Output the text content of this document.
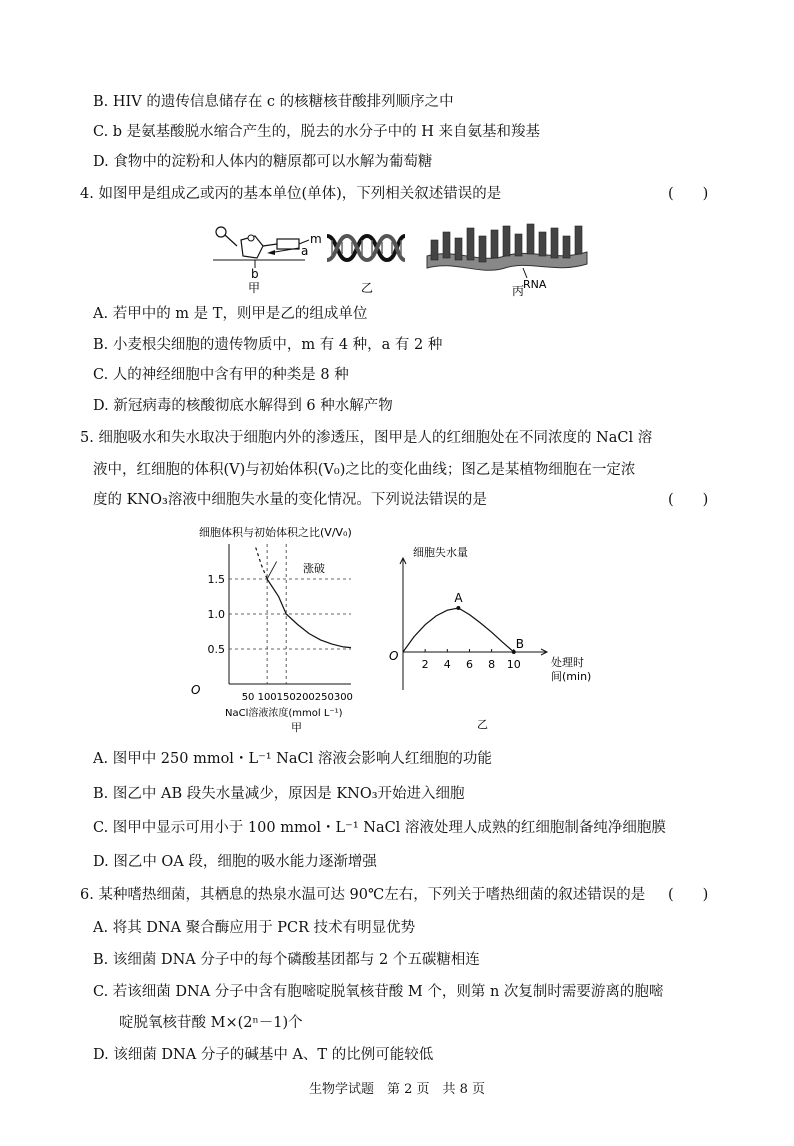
B. HIV 的遗传信息储存在 c 的核糖核苷酸排列顺序之中
C. b 是氨基酸脱水缩合产生的，脱去的水分子中的 H 来自氨基和羧基
D. 食物中的淀粉和人体内的糖原都可以水解为葡萄糖
4. 如图甲是组成乙或丙的基本单位(单体)，下列相关叙述错误的是	(　　)
m
a
b
甲	乙	RNA
丙
A. 若甲中的 m 是 T，则甲是乙的组成单位
B. 小麦根尖细胞的遗传物质中，m 有 4 种，a 有 2 种
C. 人的神经细胞中含有甲的种类是 8 种
D. 新冠病毒的核酸彻底水解得到 6 种水解产物
5. 细胞吸水和失水取决于细胞内外的渗透压，图甲是人的红细胞处在不同浓度的 NaCl 溶
液中，红细胞的体积(V)与初始体积(V₀)之比的变化曲线；图乙是某植物细胞在一定浓
度的 KNO₃溶液中细胞失水量的变化情况。下列说法错误的是	(　　)
细胞体积与初始体积之比(V/V₀)
涨破
O
NaCl溶液浓度(mmol L⁻¹)
甲
0.5
1.0
1.5
50 100 150 200 250 300
细胞失水量
O	处理时
间(min)
乙
2 4 6 8 10
A
B
A. 图甲中 250 mmol・L⁻¹ NaCl 溶液会影响人红细胞的功能
B. 图乙中 AB 段失水量减少，原因是 KNO₃开始进入细胞
C. 图甲中显示可用小于 100 mmol・L⁻¹ NaCl 溶液处理人成熟的红细胞制备纯净细胞膜
D. 图乙中 OA 段，细胞的吸水能力逐渐增强
6. 某种嗜热细菌，其栖息的热泉水温可达 90℃左右，下列关于嗜热细菌的叙述错误的是 (　　)
A. 将其 DNA 聚合酶应用于 PCR 技术有明显优势
B. 该细菌 DNA 分子中的每个磷酸基团都与 2 个五碳糖相连
C. 若该细菌 DNA 分子中含有胞嘧啶脱氧核苷酸 M 个，则第 n 次复制时需要游离的胞嘧
啶脱氧核苷酸 M×(2ⁿ－1)个
D. 该细菌 DNA 分子的碱基中 A、T 的比例可能较低
生物学试题　第 2 页　共 8 页
